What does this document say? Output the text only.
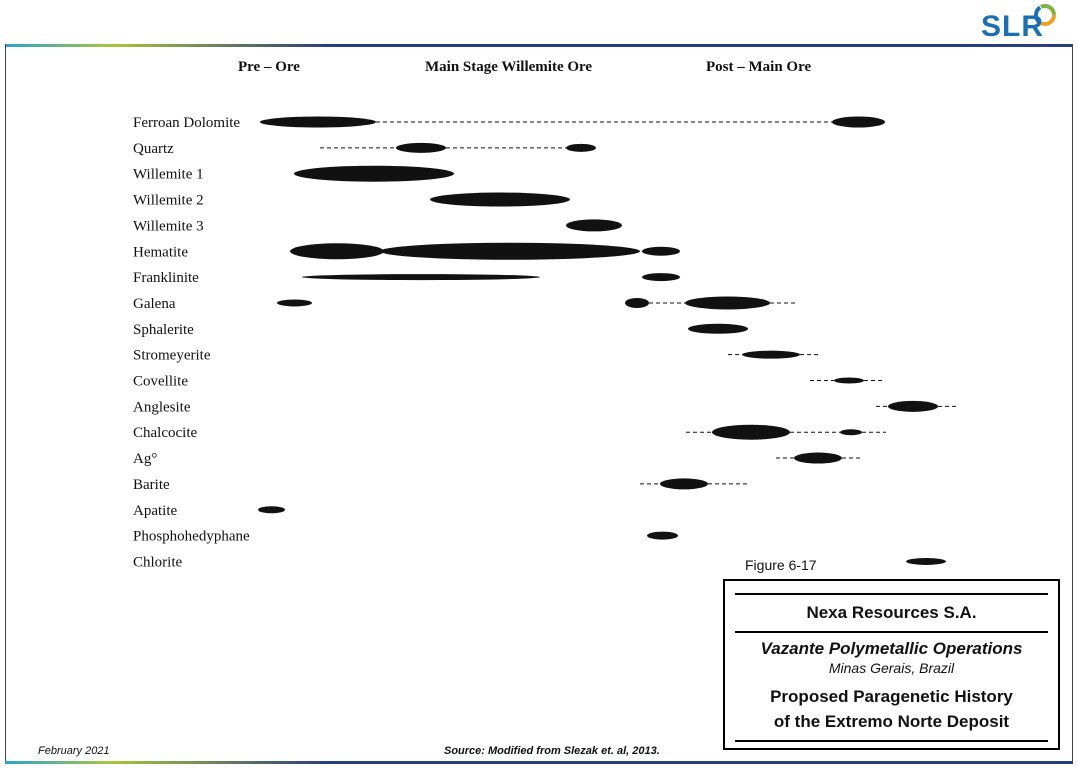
SLR
Pre – Ore	Main Stage Willemite Ore	Post – Main Ore
Ferroan Dolomite
Quartz
Willemite 1
Willemite 2
Willemite 3
Hematite
Franklinite
Galena
Sphalerite
Stromeyerite
Covellite
Anglesite
Chalcocite
Ag°
Barite
Apatite
Phosphohedyphane
Chlorite	Figure 6-17
Nexa Resources S.A.
Vazante Polymetallic Operations
Minas Gerais, Brazil
Proposed Paragenetic History
of the Extremo Norte Deposit
February 2021	Source: Modified from Slezak et. al, 2013.
